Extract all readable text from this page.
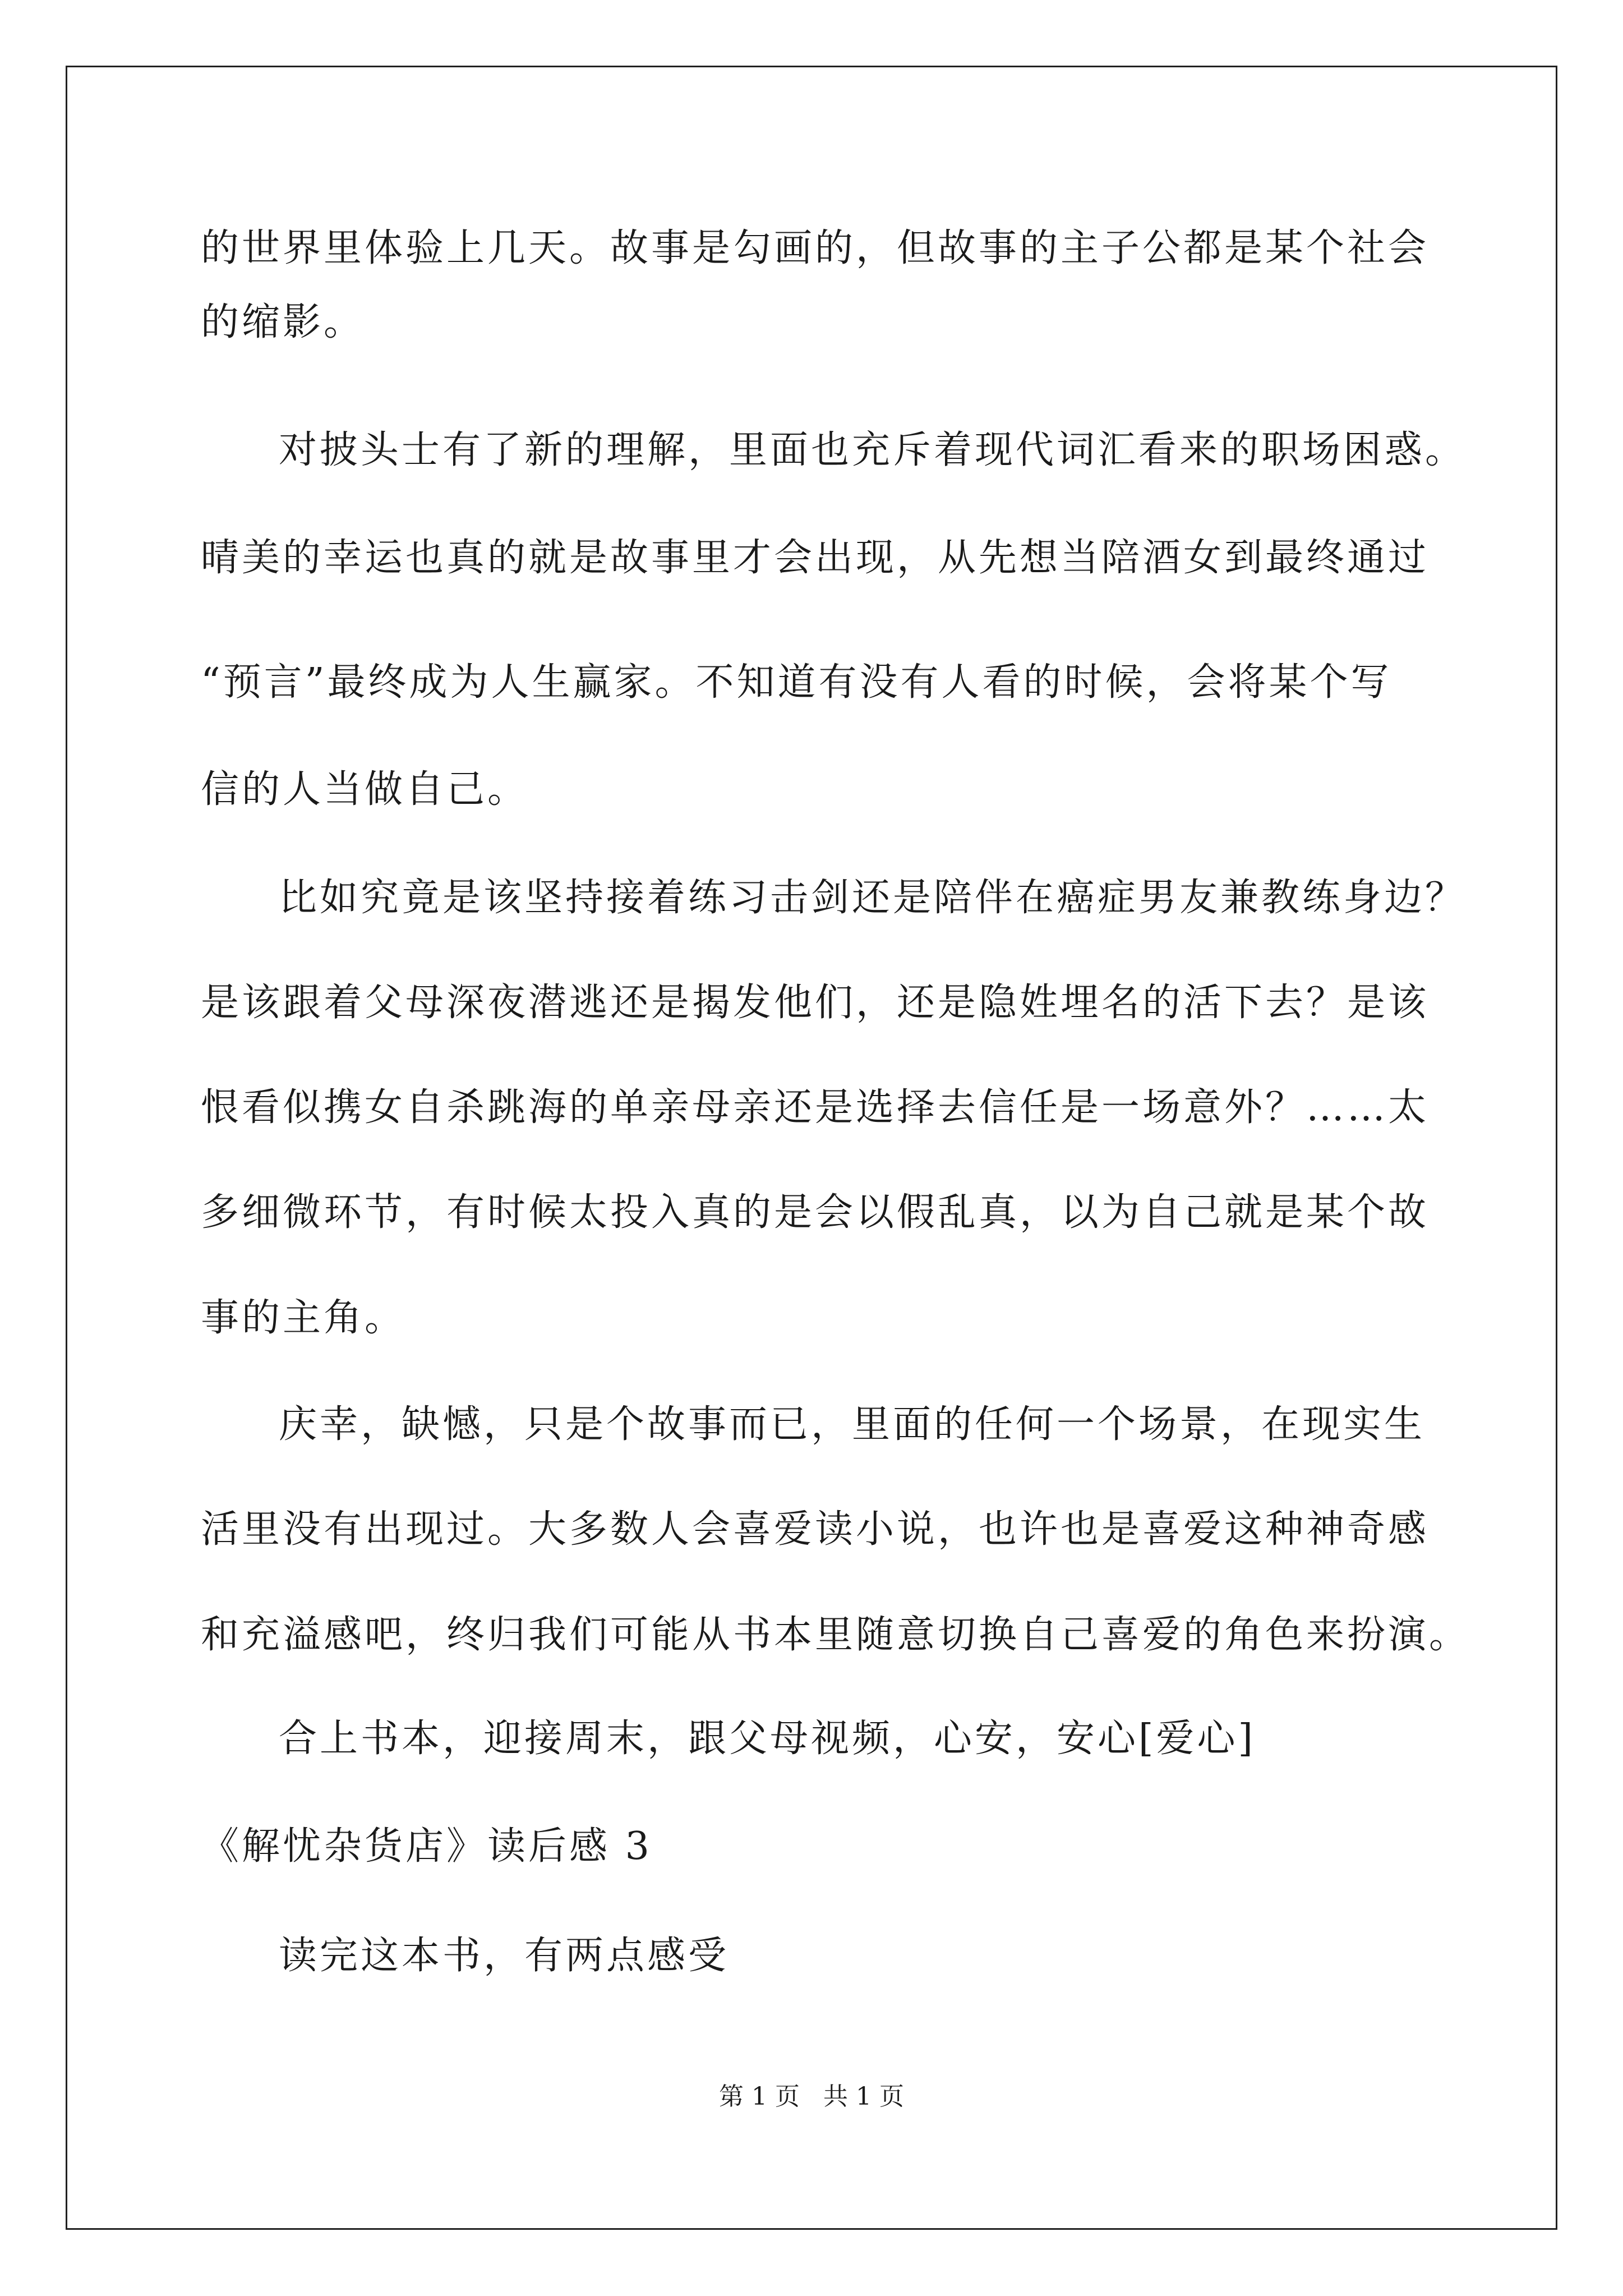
的世界里体验上几天。故事是勾画的，但故事的主子公都是某个社会
的缩影。
对披头士有了新的理解，里面也充斥着现代词汇看来的职场困惑。
晴美的幸运也真的就是故事里才会出现，从先想当陪酒女到最终通过
“预言”最终成为人生赢家。不知道有没有人看的时候，会将某个写
信的人当做自己。
比如究竟是该坚持接着练习击剑还是陪伴在癌症男友兼教练身边？
是该跟着父母深夜潜逃还是揭发他们，还是隐姓埋名的活下去？是该
恨看似携女自杀跳海的单亲母亲还是选择去信任是一场意外？……太
多细微环节，有时候太投入真的是会以假乱真，以为自己就是某个故
事的主角。
庆幸，缺憾，只是个故事而已，里面的任何一个场景，在现实生
活里没有出现过。大多数人会喜爱读小说，也许也是喜爱这种神奇感
和充溢感吧，终归我们可能从书本里随意切换自己喜爱的角色来扮演。
合上书本，迎接周末，跟父母视频，心安，安心[爱心]
《解忧杂货店》读后感 3
读完这本书，有两点感受
第 1 页   共 1 页
